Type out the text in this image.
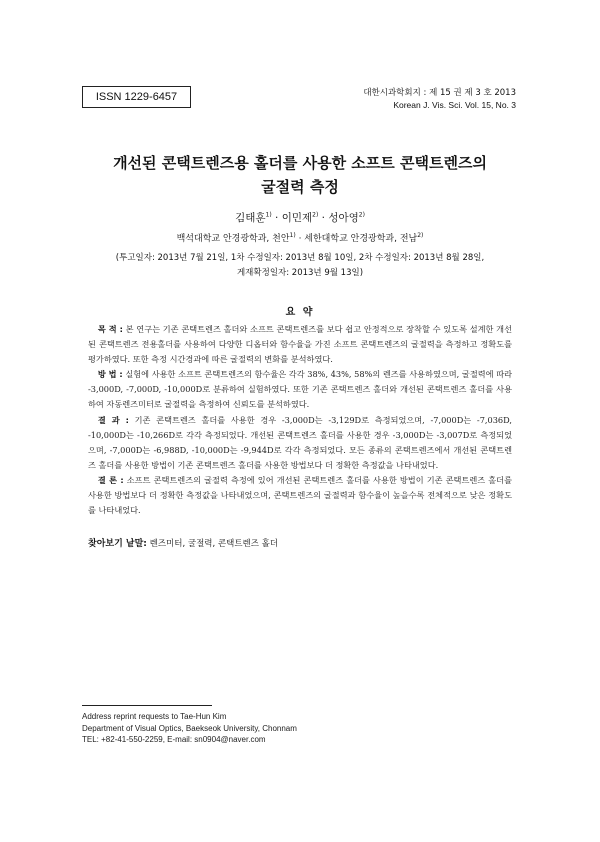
ISSN 1229-6457	대한시과학회지 : 제 15 권 제 3 호 2013
Korean J. Vis. Sci. Vol. 15, No. 3
개선된 콘택트렌즈용 홀더를 사용한 소프트 콘택트렌즈의
굴절력 측정
김태훈$^{1)}$ · 이민제$^{2)}$ · 성아영$^{2)}$
백석대학교 안경광학과, 천안$^{1)}$ · 세한대학교 안경광학과, 전남$^{2)}$
(투고일자: 2013년 7월 21일, 1차 수정일자: 2013년 8월 10일, 2차 수정일자: 2013년 8월 28일,
게재확정일자: 2013년 9월 13일)
요 약

목 적 : 본 연구는 기존 콘택트렌즈 홀더와 소프트 콘택트렌즈를 보다 쉽고 안정적으로 장착할 수 있도록 설계한 개선된 콘택트렌즈 전용홀더를 사용하여 다양한 디옵터와 함수율을 가진 소프트 콘택트렌즈의 굴절력을 측정하고 정확도를 평가하였다. 또한 측정 시간경과에 따른 굴절력의 변화를 분석하였다.

방 법 : 실험에 사용한 소프트 콘택트렌즈의 함수율은 각각 38%, 43%, 58%의 렌즈를 사용하였으며, 굴절력에 따라 -3,000D, -7,000D, -10,000D로 분류하여 실험하였다. 또한 기존 콘택트렌즈 홀더와 개선된 콘택트렌즈 홀더를 사용하여 자동렌즈미터로 굴절력을 측정하여 신뢰도를 분석하였다.

결 과 : 기존 콘택트렌즈 홀더를 사용한 경우 -3,000D는 -3,129D로 측정되었으며, -7,000D는 -7,036D, -10,000D는 -10,266D로 각각 측정되었다. 개선된 콘택트렌즈 홀더를 사용한 경우 -3,000D는 -3,007D로 측정되었으며, -7,000D는 -6,988D, -10,000D는 -9,944D로 각각 측정되었다. 모든 종류의 콘택트렌즈에서 개선된 콘택트렌즈 홀더를 사용한 방법이 기존 콘택트렌즈 홀더를 사용한 방법보다 더 정확한 측정값을 나타내었다.

결 론 : 소프트 콘택트렌즈의 굴절력 측정에 있어 개선된 콘택트렌즈 홀더를 사용한 방법이 기존 콘택트렌즈 홀더를 사용한 방법보다 더 정확한 측정값을 나타내었으며, 콘택트렌즈의 굴절력과 함수율이 높을수록 전체적으로 낮은 정확도를 나타내었다.

찾아보기 낱말: 렌즈미터, 굴절력, 콘택트렌즈 홀더
Address reprint requests to Tae-Hun Kim
Department of Visual Optics, Baekseok University, Chonnam
TEL: +82-41-550-2259, E-mail: sn0904@naver.com
